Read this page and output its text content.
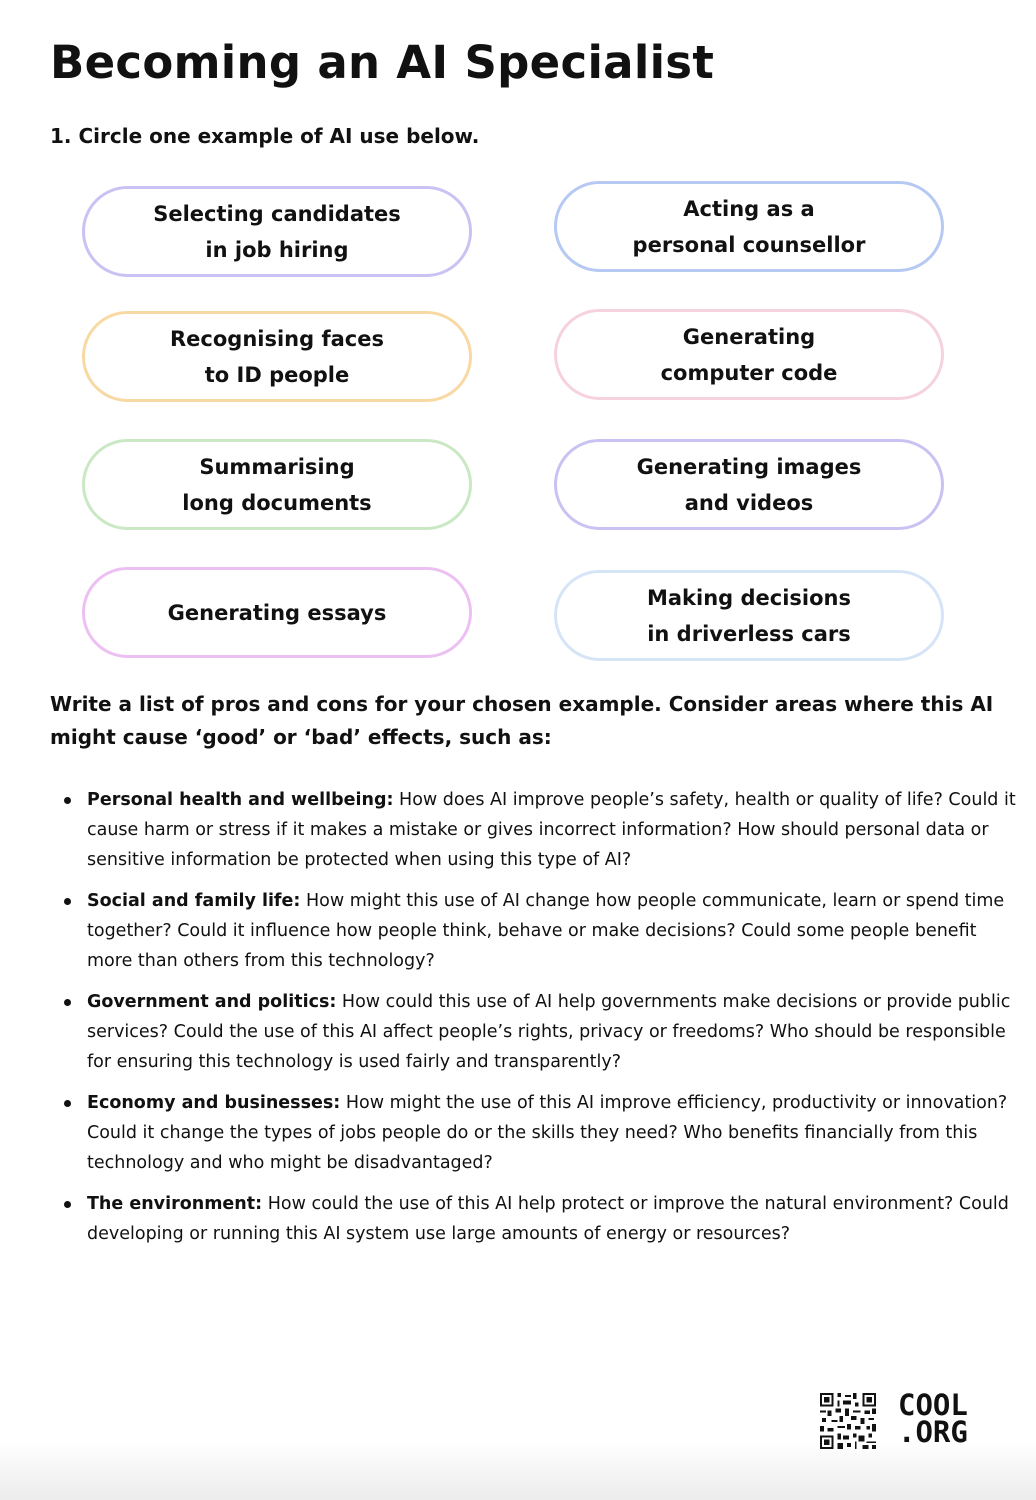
Becoming an AI Specialist
1. Circle one example of AI use below.
Selecting candidates
in job hiring
Acting as a
personal counsellor
Recognising faces
to ID people
Generating
computer code
Summarising
long documents
Generating images
and videos
Generating essays
Making decisions
in driverless cars
Write a list of pros and cons for your chosen example. Consider areas where this AI might cause ‘good’ or ‘bad’ effects, such as:
Personal health and wellbeing: How does AI improve people’s safety, health or quality of life? Could it cause harm or stress if it makes a mistake or gives incorrect information? How should personal data or sensitive information be protected when using this type of AI?
Social and family life: How might this use of AI change how people communicate, learn or spend time together? Could it influence how people think, behave or make decisions? Could some people benefit more than others from this technology?
Government and politics: How could this use of AI help governments make decisions or provide public services? Could the use of this AI affect people’s rights, privacy or freedoms? Who should be responsible for ensuring this technology is used fairly and transparently?
Economy and businesses: How might the use of this AI improve efficiency, productivity or innovation? Could it change the types of jobs people do or the skills they need? Who benefits financially from this technology and who might be disadvantaged?
The environment: How could the use of this AI help protect or improve the natural environment? Could developing or running this AI system use large amounts of energy or resources?
COOL
.ORG
